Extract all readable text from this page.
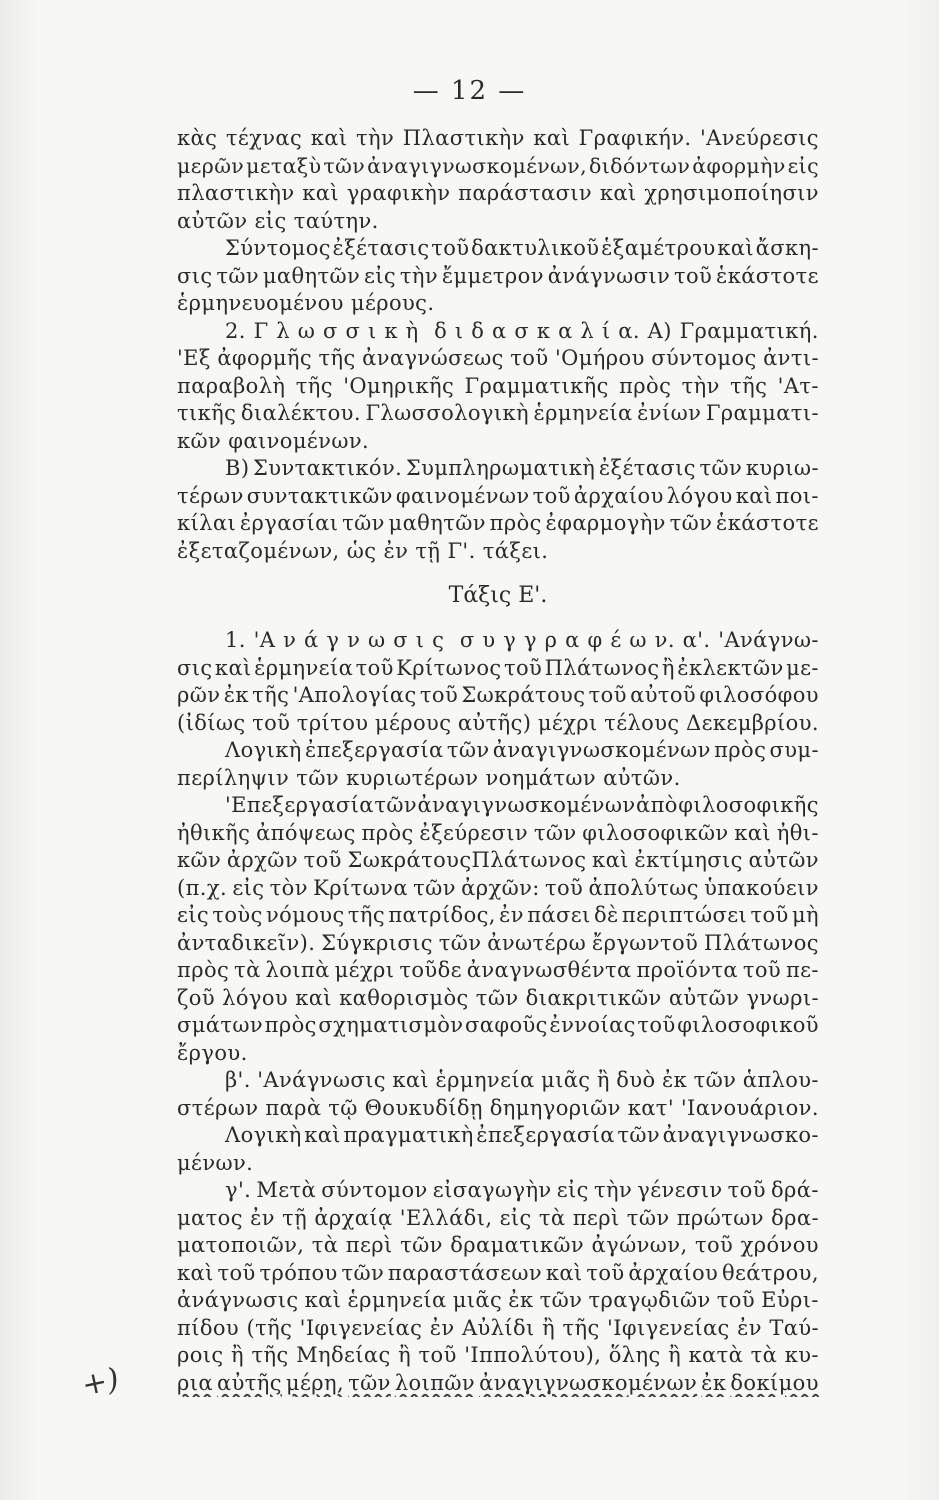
— 12 —
κὰς τέχνας καὶ τὴν Πλαστικὴν καὶ Γραφικήν. 'Ανεύρεσις
μερῶν μεταξὺ τῶν ἀναγιγνωσκομένων, διδόντων ἀφορμὴν εἰς
πλαστικὴν καὶ γραφικὴν παράστασιν καὶ χρησιμοποίησιν
αὐτῶν εἰς ταύτην.
Σύντομος ἐξέτασις τοῦ δακτυλικοῦ ἑξαμέτρου καὶ ἄσκη-
σις τῶν μαθητῶν εἰς τὴν ἔμμετρον ἀνάγνωσιν τοῦ ἑκάστοτε
ἑρμηνευομένου μέρους.
2. Γ λ ω σ σ ι κ ὴ δ ι δ α σ κ α λ ί α. Α) Γραμματική.
'Εξ ἀφορμῆς τῆς ἀναγνώσεως τοῦ 'Ομήρου σύντομος ἀντι-
παραβολὴ τῆς 'Ομηρικῆς Γραμματικῆς πρὸς τὴν τῆς 'Ατ-
τικῆς διαλέκτου. Γλωσσολογικὴ ἑρμηνεία ἐνίων Γραμματι-
κῶν φαινομένων.
Β) Συντακτικόν. Συμπληρωματικὴ ἐξέτασις τῶν κυριω-
τέρων συντακτικῶν φαινομένων τοῦ ἀρχαίου λόγου καὶ ποι-
κίλαι ἐργασίαι τῶν μαθητῶν πρὸς ἐφαρμογὴν τῶν ἑκάστοτε
ἐξεταζομένων, ὡς ἐν τῇ Γ'. τάξει.
Τάξις Ε'.
1. 'Α ν ά γ ν ω σ ι ς σ υ γ γ ρ α φ έ ω ν. α'. 'Ανάγνω-
σις καὶ ἑρμηνεία τοῦ Κρίτωνος τοῦ Πλάτωνος ἢ ἐκλεκτῶν με-
ρῶν ἐκ τῆς 'Απολογίας τοῦ Σωκράτους τοῦ αὐτοῦ φιλοσόφου
(ἰδίως τοῦ τρίτου μέρους αὐτῆς) μέχρι τέλους Δεκεμβρίου.
Λογικὴ ἐπεξεργασία τῶν ἀναγιγνωσκομένων πρὸς συμ-
περίληψιν τῶν κυριωτέρων νοημάτων αὐτῶν.
'Επεξεργασία τῶν ἀναγιγνωσκομένων ἀπὸ φιλοσοφικῆς
ἠθικῆς ἀπόψεως πρὸς ἐξεύρεσιν τῶν φιλοσοφικῶν καὶ ἠθι-
κῶν ἀρχῶν τοῦ ΣωκράτουςΠλάτωνος καὶ ἐκτίμησις αὐτῶν
(π.χ. εἰς τὸν Κρίτωνα τῶν ἀρχῶν: τοῦ ἀπολύτως ὑπακούειν
εἰς τοὺς νόμους τῆς πατρίδος, ἐν πάσει δὲ περιπτώσει τοῦ μὴ
ἀνταδικεῖν). Σύγκρισις τῶν ἀνωτέρω ἔργωντοῦ Πλάτωνος
πρὸς τὰ λοιπὰ μέχρι τοῦδε ἀναγνωσθέντα προϊόντα τοῦ πε-
ζοῦ λόγου καὶ καθορισμὸς τῶν διακριτικῶν αὐτῶν γνωρι-
σμάτων πρὸς σχηματισμὸν σαφοῦς ἐννοίας τοῦ φιλοσοφικοῦ
ἔργου.
β'. 'Ανάγνωσις καὶ ἑρμηνεία μιᾶς ἢ δυὸ ἐκ τῶν ἁπλου-
στέρων παρὰ τῷ Θουκυδίδῃ δημηγοριῶν κατ' 'Ιανουάριον.
Λογικὴ καὶ πραγματικὴ ἐπεξεργασία τῶν ἀναγιγνωσκο-
μένων.
γ'. Μετὰ σύντομον εἰσαγωγὴν εἰς τὴν γένεσιν τοῦ δρά-
ματος ἐν τῇ ἀρχαίᾳ 'Ελλάδι, εἰς τὰ περὶ τῶν πρώτων δρα-
ματοποιῶν, τὰ περὶ τῶν δραματικῶν ἀγώνων, τοῦ χρόνου
καὶ τοῦ τρόπου τῶν παραστάσεων καὶ τοῦ ἀρχαίου θεάτρου,
ἀνάγνωσις καὶ ἑρμηνεία μιᾶς ἐκ τῶν τραγῳδιῶν τοῦ Εὐρι-
πίδου (τῆς 'Ιφιγενείας ἐν Αὐλίδι ἢ τῆς 'Ιφιγενείας ἐν Ταύ-
ροις ἢ τῆς Μηδείας ἢ τοῦ 'Ιππολύτου), ὅλης ἢ κατὰ τὰ κυ-
ρια αὐτῆς μέρη, τῶν λοιπῶν ἀναγιγνωσκομένων ἐκ δοκίμου
+)
